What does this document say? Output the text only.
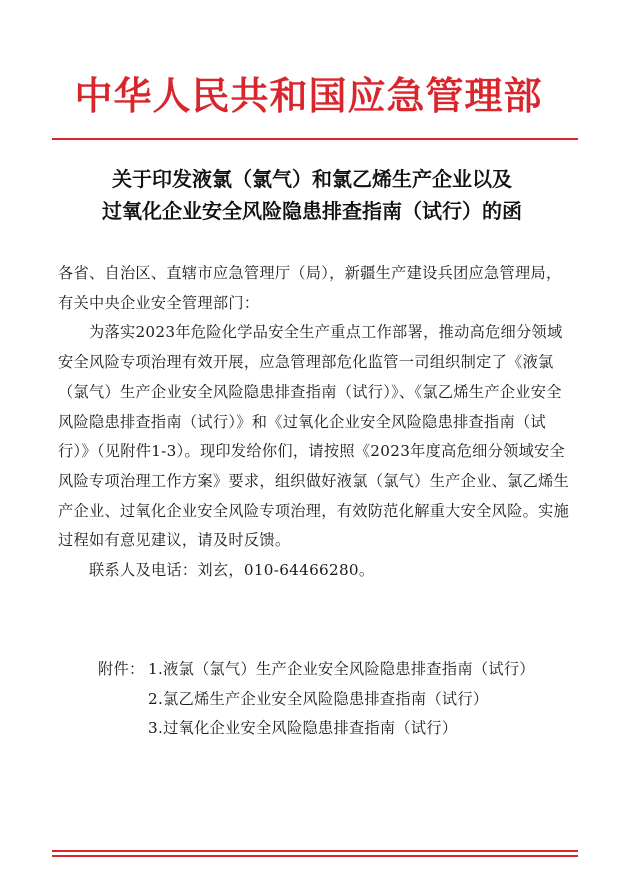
中华人民共和国应急管理部
关于印发液氯（氯气）和氯乙烯生产企业以及
过氧化企业安全风险隐患排查指南（试行）的函

各省、自治区、直辖市应急管理厅（局），新疆生产建设兵团应急管理局，有关中央企业安全管理部门：

为落实2023年危险化学品安全生产重点工作部署，推动高危细分领域安全风险专项治理有效开展，应急管理部危化监管一司组织制定了《液氯（氯气）生产企业安全风险隐患排查指南（试行）》、《氯乙烯生产企业安全风险隐患排查指南（试行）》和《过氧化企业安全风险隐患排查指南（试行）》（见附件1-3）。现印发给你们，请按照《2023年度高危细分领域安全风险专项治理工作方案》要求，组织做好液氯（氯气）生产企业、氯乙烯生产企业、过氧化企业安全风险专项治理，有效防范化解重大安全风险。实施过程如有意见建议，请及时反馈。

联系人及电话：刘玄，010-64466280。

附件： 1.液氯（氯气）生产企业安全风险隐患排查指南（试行）
2.氯乙烯生产企业安全风险隐患排查指南（试行）
3.过氧化企业安全风险隐患排查指南（试行）
